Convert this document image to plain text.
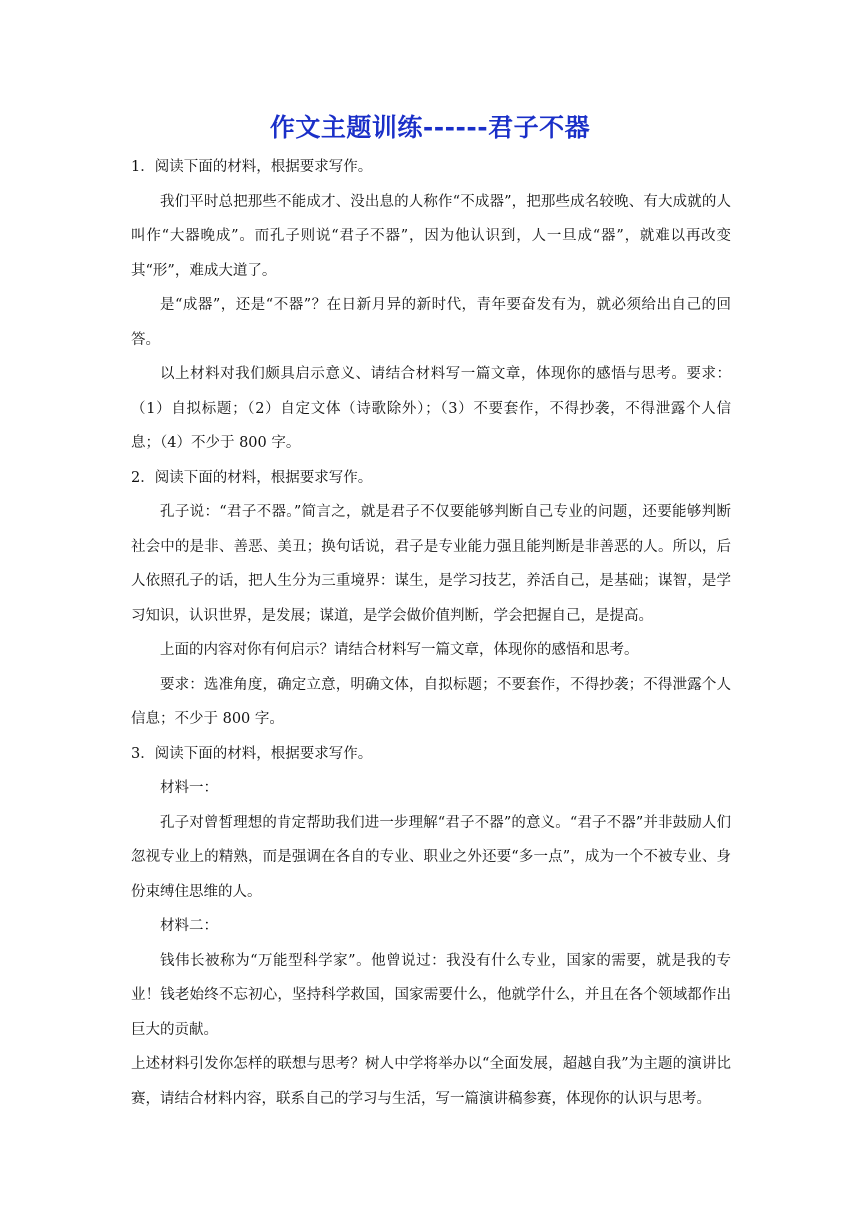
作文主题训练------君子不器

1．阅读下面的材料，根据要求写作。

我们平时总把那些不能成才、没出息的人称作“不成器”，把那些成名较晚、有大成就的人叫作“大器晚成”。而孔子则说“君子不器”，因为他认识到，人一旦成“器”，就难以再改变其“形”，难成大道了。

是“成器”，还是“不器”？在日新月异的新时代，青年要奋发有为，就必须给出自己的回答。

以上材料对我们颇具启示意义、请结合材料写一篇文章，体现你的感悟与思考。要求：（1）自拟标题；（2）自定文体（诗歌除外）；（3）不要套作，不得抄袭，不得泄露个人信息；（4）不少于 800 字。

2．阅读下面的材料，根据要求写作。

孔子说：“君子不器。”简言之，就是君子不仅要能够判断自己专业的问题，还要能够判断社会中的是非、善恶、美丑；换句话说，君子是专业能力强且能判断是非善恶的人。所以，后人依照孔子的话，把人生分为三重境界：谋生，是学习技艺，养活自己，是基础；谋智，是学习知识，认识世界，是发展；谋道，是学会做价值判断，学会把握自己，是提高。

上面的内容对你有何启示？请结合材料写一篇文章，体现你的感悟和思考。

要求：选准角度，确定立意，明确文体，自拟标题；不要套作，不得抄袭；不得泄露个人信息；不少于 800 字。

3．阅读下面的材料，根据要求写作。

材料一：

孔子对曾皙理想的肯定帮助我们进一步理解“君子不器”的意义。“君子不器”并非鼓励人们忽视专业上的精熟，而是强调在各自的专业、职业之外还要“多一点”，成为一个不被专业、身份束缚住思维的人。

材料二：

钱伟长被称为“万能型科学家”。他曾说过：我没有什么专业，国家的需要，就是我的专业！钱老始终不忘初心，坚持科学救国，国家需要什么，他就学什么，并且在各个领域都作出巨大的贡献。

上述材料引发你怎样的联想与思考？树人中学将举办以“全面发展，超越自我”为主题的演讲比赛，请结合材料内容，联系自己的学习与生活，写一篇演讲稿参赛，体现你的认识与思考。
